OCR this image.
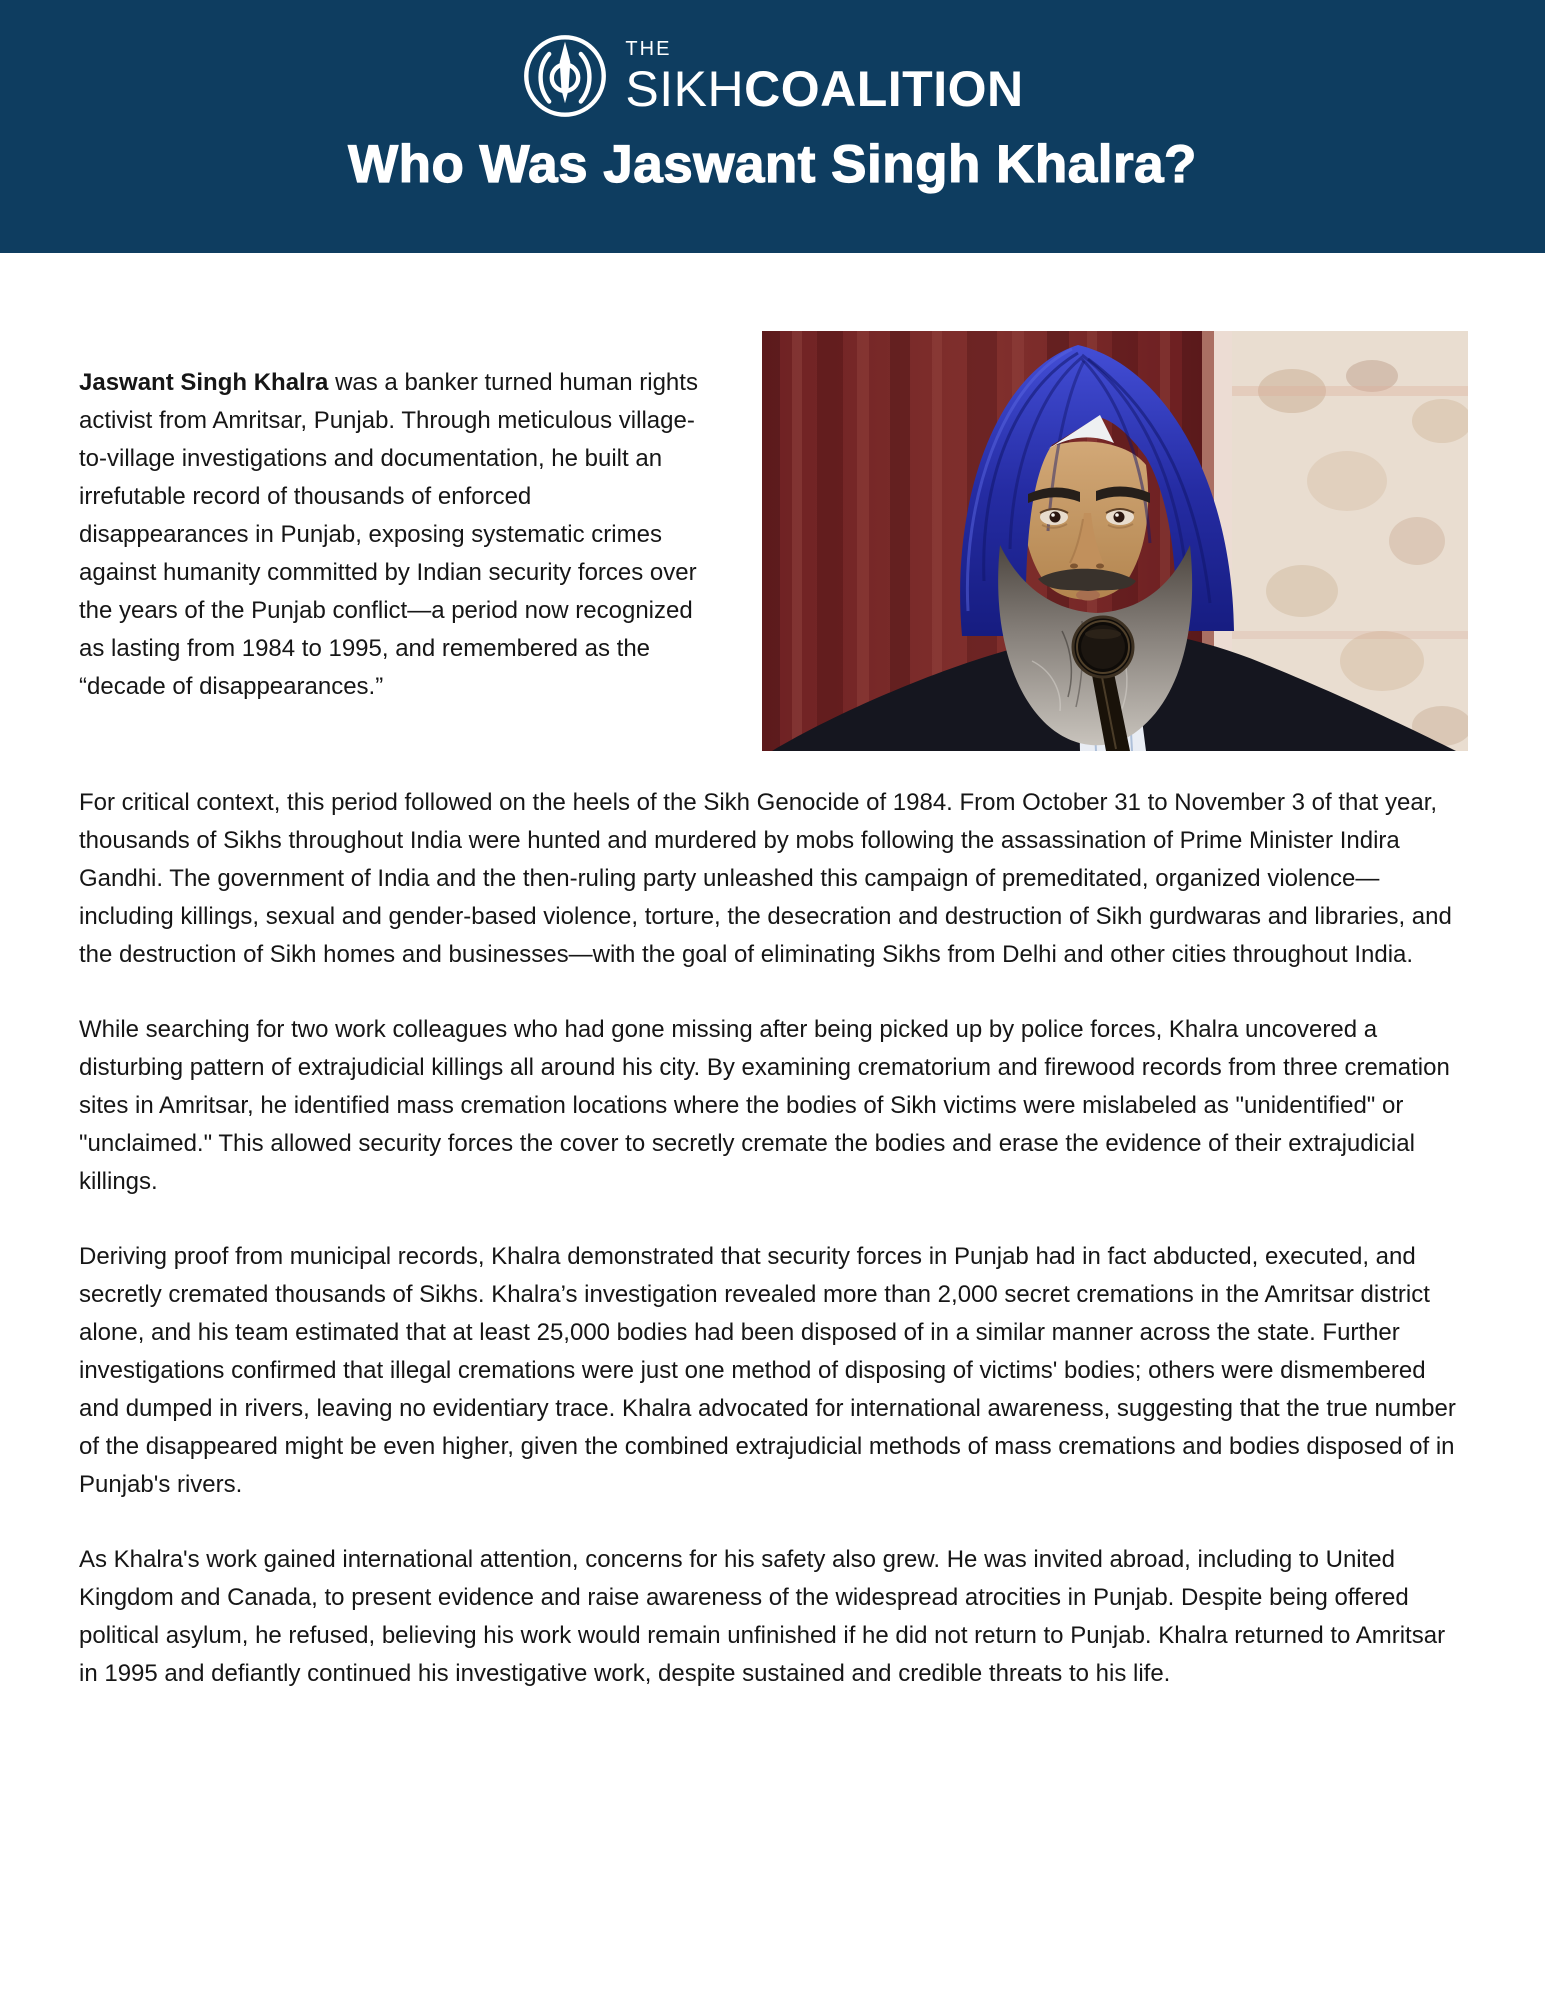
THE
SIKHCOALITION
Who Was Jaswant Singh Khalra?

Jaswant Singh Khalra was a banker turned human rights activist from Amritsar, Punjab. Through meticulous village-to-village investigations and documentation, he built an irrefutable record of thousands of enforced disappearances in Punjab, exposing systematic crimes against humanity committed by Indian security forces over the years of the Punjab conflict—a period now recognized as lasting from 1984 to 1995, and remembered as the “decade of disappearances.”

For critical context, this period followed on the heels of the Sikh Genocide of 1984. From October 31 to November 3 of that year, thousands of Sikhs throughout India were hunted and murdered by mobs following the assassination of Prime Minister Indira Gandhi. The government of India and the then-ruling party unleashed this campaign of premeditated, organized violence—including killings, sexual and gender-based violence, torture, the desecration and destruction of Sikh gurdwaras and libraries, and the destruction of Sikh homes and businesses—with the goal of eliminating Sikhs from Delhi and other cities throughout India.

While searching for two work colleagues who had gone missing after being picked up by police forces, Khalra uncovered a disturbing pattern of extrajudicial killings all around his city. By examining crematorium and firewood records from three cremation sites in Amritsar, he identified mass cremation locations where the bodies of Sikh victims were mislabeled as "unidentified" or "unclaimed." This allowed security forces the cover to secretly cremate the bodies and erase the evidence of their extrajudicial killings.

Deriving proof from municipal records, Khalra demonstrated that security forces in Punjab had in fact abducted, executed, and secretly cremated thousands of Sikhs. Khalra’s investigation revealed more than 2,000 secret cremations in the Amritsar district alone, and his team estimated that at least 25,000 bodies had been disposed of in a similar manner across the state. Further investigations confirmed that illegal cremations were just one method of disposing of victims' bodies; others were dismembered and dumped in rivers, leaving no evidentiary trace. Khalra advocated for international awareness, suggesting that the true number of the disappeared might be even higher, given the combined extrajudicial methods of mass cremations and bodies disposed of in Punjab's rivers.

As Khalra's work gained international attention, concerns for his safety also grew. He was invited abroad, including to United Kingdom and Canada, to present evidence and raise awareness of the widespread atrocities in Punjab. Despite being offered political asylum, he refused, believing his work would remain unfinished if he did not return to Punjab. Khalra returned to Amritsar in 1995 and defiantly continued his investigative work, despite sustained and credible threats to his life.
